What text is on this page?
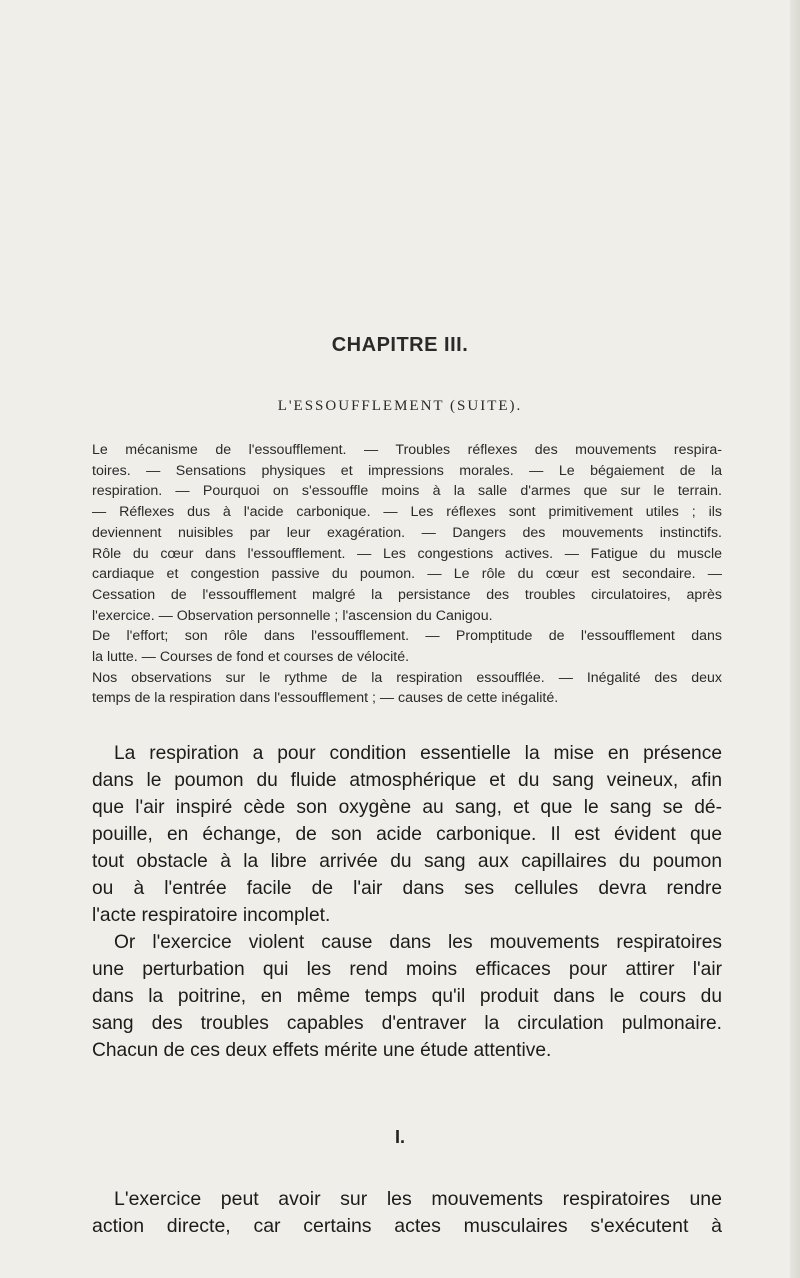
CHAPITRE III.
L'ESSOUFFLEMENT (SUITE).
Le mécanisme de l'essoufflement. — Troubles réflexes des mouvements respira-
toires. — Sensations physiques et impressions morales. — Le bégaiement de la
respiration. — Pourquoi on s'essouffle moins à la salle d'armes que sur le terrain.
— Réflexes dus à l'acide carbonique. — Les réflexes sont primitivement utiles ; ils
deviennent nuisibles par leur exagération. — Dangers des mouvements instinctifs.
Rôle du cœur dans l'essoufflement. — Les congestions actives. — Fatigue du muscle
cardiaque et congestion passive du poumon. — Le rôle du cœur est secondaire. —
Cessation de l'essoufflement malgré la persistance des troubles circulatoires, après
l'exercice. — Observation personnelle ; l'ascension du Canigou.
De l'effort; son rôle dans l'essoufflement. — Promptitude de l'essoufflement dans
la lutte. — Courses de fond et courses de vélocité.
Nos observations sur le rythme de la respiration essoufflée. — Inégalité des deux
temps de la respiration dans l'essoufflement ; — causes de cette inégalité.
La respiration a pour condition essentielle la mise en présence
dans le poumon du fluide atmosphérique et du sang veineux, afin
que l'air inspiré cède son oxygène au sang, et que le sang se dé-
pouille, en échange, de son acide carbonique. Il est évident que
tout obstacle à la libre arrivée du sang aux capillaires du poumon
ou à l'entrée facile de l'air dans ses cellules devra rendre
l'acte respiratoire incomplet.
Or l'exercice violent cause dans les mouvements respiratoires
une perturbation qui les rend moins efficaces pour attirer l'air
dans la poitrine, en même temps qu'il produit dans le cours du
sang des troubles capables d'entraver la circulation pulmonaire.
Chacun de ces deux effets mérite une étude attentive.
I.
L'exercice peut avoir sur les mouvements respiratoires une
action directe, car certains actes musculaires s'exécutent à
